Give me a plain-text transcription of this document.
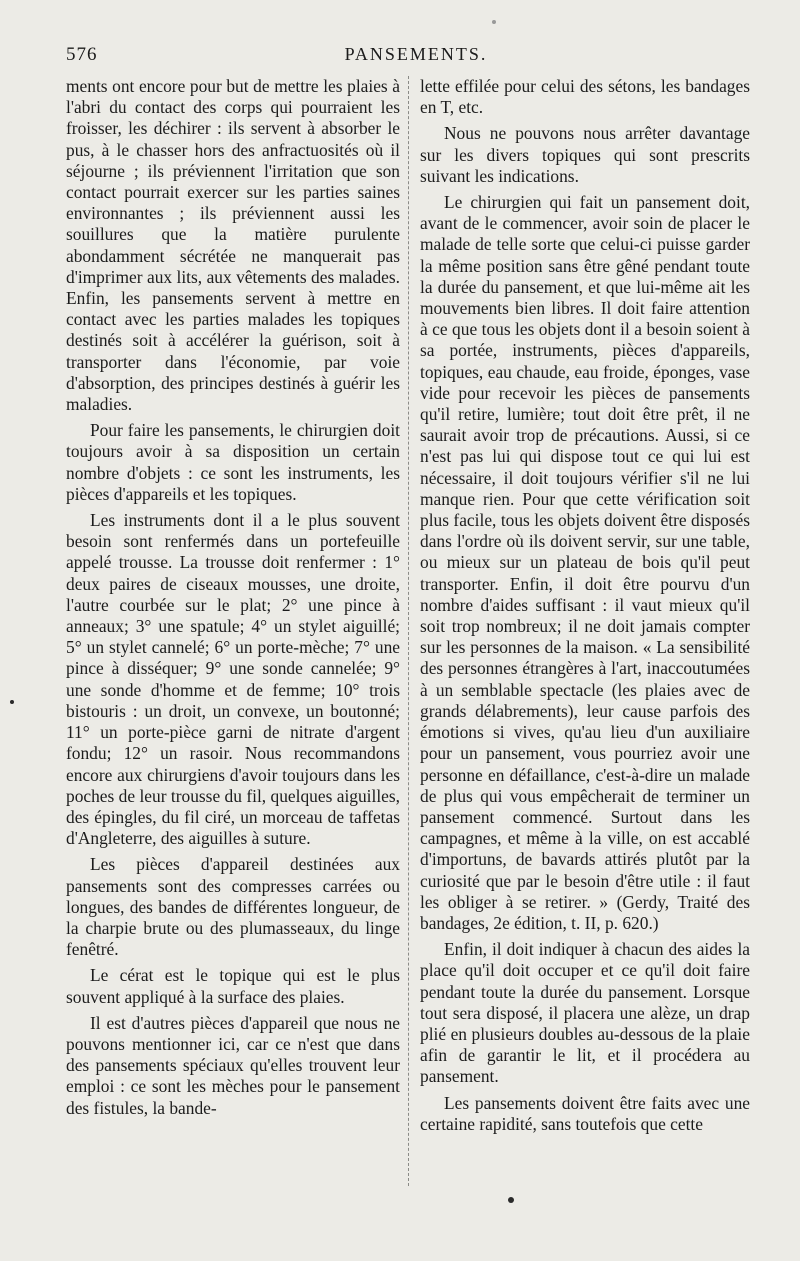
576	PANSEMENTS.

ments ont encore pour but de mettre les plaies à l'abri du contact des corps qui pourraient les froisser, les déchirer : ils servent à absorber le pus, à le chasser hors des anfractuosités où il séjourne ; ils préviennent l'irritation que son contact pourrait exercer sur les parties saines environnantes ; ils préviennent aussi les souillures que la matière purulente abondamment sécrétée ne manquerait pas d'imprimer aux lits, aux vêtements des malades. Enfin, les pansements servent à mettre en contact avec les parties malades les topiques destinés soit à accélérer la guérison, soit à transporter dans l'économie, par voie d'absorption, des principes destinés à guérir les maladies.

Pour faire les pansements, le chirurgien doit toujours avoir à sa disposition un certain nombre d'objets : ce sont les instruments, les pièces d'appareils et les topiques.

Les instruments dont il a le plus souvent besoin sont renfermés dans un portefeuille appelé trousse. La trousse doit renfermer : 1° deux paires de ciseaux mousses, une droite, l'autre courbée sur le plat; 2° une pince à anneaux; 3° une spatule; 4° un stylet aiguillé; 5° un stylet cannelé; 6° un porte-mèche; 7° une pince à disséquer; 9° une sonde cannelée; 9° une sonde d'homme et de femme; 10° trois bistouris : un droit, un convexe, un boutonné; 11° un porte-pièce garni de nitrate d'argent fondu; 12° un rasoir. Nous recommandons encore aux chirurgiens d'avoir toujours dans les poches de leur trousse du fil, quelques aiguilles, des épingles, du fil ciré, un morceau de taffetas d'Angleterre, des aiguilles à suture.

Les pièces d'appareil destinées aux pansements sont des compresses carrées ou longues, des bandes de différentes longueur, de la charpie brute ou des plumasseaux, du linge fenêtré.

Le cérat est le topique qui est le plus souvent appliqué à la surface des plaies.

Il est d'autres pièces d'appareil que nous ne pouvons mentionner ici, car ce n'est que dans des pansements spéciaux qu'elles trouvent leur emploi : ce sont les mèches pour le pansement des fistules, la bande-

lette effilée pour celui des sétons, les bandages en T, etc.

Nous ne pouvons nous arrêter davantage sur les divers topiques qui sont prescrits suivant les indications.

Le chirurgien qui fait un pansement doit, avant de le commencer, avoir soin de placer le malade de telle sorte que celui-ci puisse garder la même position sans être gêné pendant toute la durée du pansement, et que lui-même ait les mouvements bien libres. Il doit faire attention à ce que tous les objets dont il a besoin soient à sa portée, instruments, pièces d'appareils, topiques, eau chaude, eau froide, éponges, vase vide pour recevoir les pièces de pansements qu'il retire, lumière; tout doit être prêt, il ne saurait avoir trop de précautions. Aussi, si ce n'est pas lui qui dispose tout ce qui lui est nécessaire, il doit toujours vérifier s'il ne lui manque rien. Pour que cette vérification soit plus facile, tous les objets doivent être disposés dans l'ordre où ils doivent servir, sur une table, ou mieux sur un plateau de bois qu'il peut transporter. Enfin, il doit être pourvu d'un nombre d'aides suffisant : il vaut mieux qu'il soit trop nombreux; il ne doit jamais compter sur les personnes de la maison. « La sensibilité des personnes étrangères à l'art, inaccoutumées à un semblable spectacle (les plaies avec de grands délabrements), leur cause parfois des émotions si vives, qu'au lieu d'un auxiliaire pour un pansement, vous pourriez avoir une personne en défaillance, c'est-à-dire un malade de plus qui vous empêcherait de terminer un pansement commencé. Surtout dans les campagnes, et même à la ville, on est accablé d'importuns, de bavards attirés plutôt par la curiosité que par le besoin d'être utile : il faut les obliger à se retirer. » (Gerdy, Traité des bandages, 2e édition, t. II, p. 620.)

Enfin, il doit indiquer à chacun des aides la place qu'il doit occuper et ce qu'il doit faire pendant toute la durée du pansement. Lorsque tout sera disposé, il placera une alèze, un drap plié en plusieurs doubles au-dessous de la plaie afin de garantir le lit, et il procédera au pansement.

Les pansements doivent être faits avec une certaine rapidité, sans toutefois que cette
